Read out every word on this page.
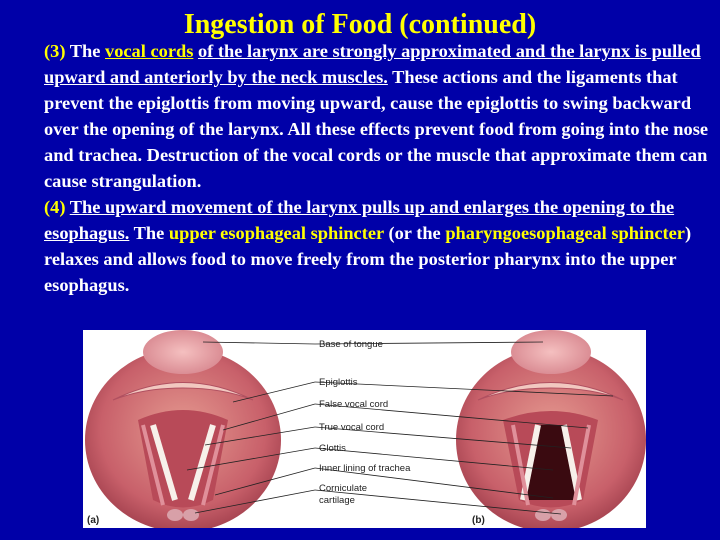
Ingestion of Food (continued)
(3) The vocal cords of the larynx are strongly approximated and the larynx is pulled upward and anteriorly by the neck muscles. These actions and the ligaments that prevent the epiglottis from moving upward, cause the epiglottis to swing backward over the opening of the larynx. All these effects prevent food from going into the nose and trachea. Destruction of the vocal cords or the muscle that approximate them can cause strangulation.
(4) The upward movement of the larynx pulls up and enlarges the opening to the esophagus. The upper esophageal sphincter (or the pharyngoesophageal sphincter) relaxes and allows food to move freely from the posterior pharynx into the upper esophagus.
Base of tongue
Epiglottis
False vocal cord
True vocal cord
Glottis
Inner lining of trachea
Corniculate
cartilage
(a)	(b)
